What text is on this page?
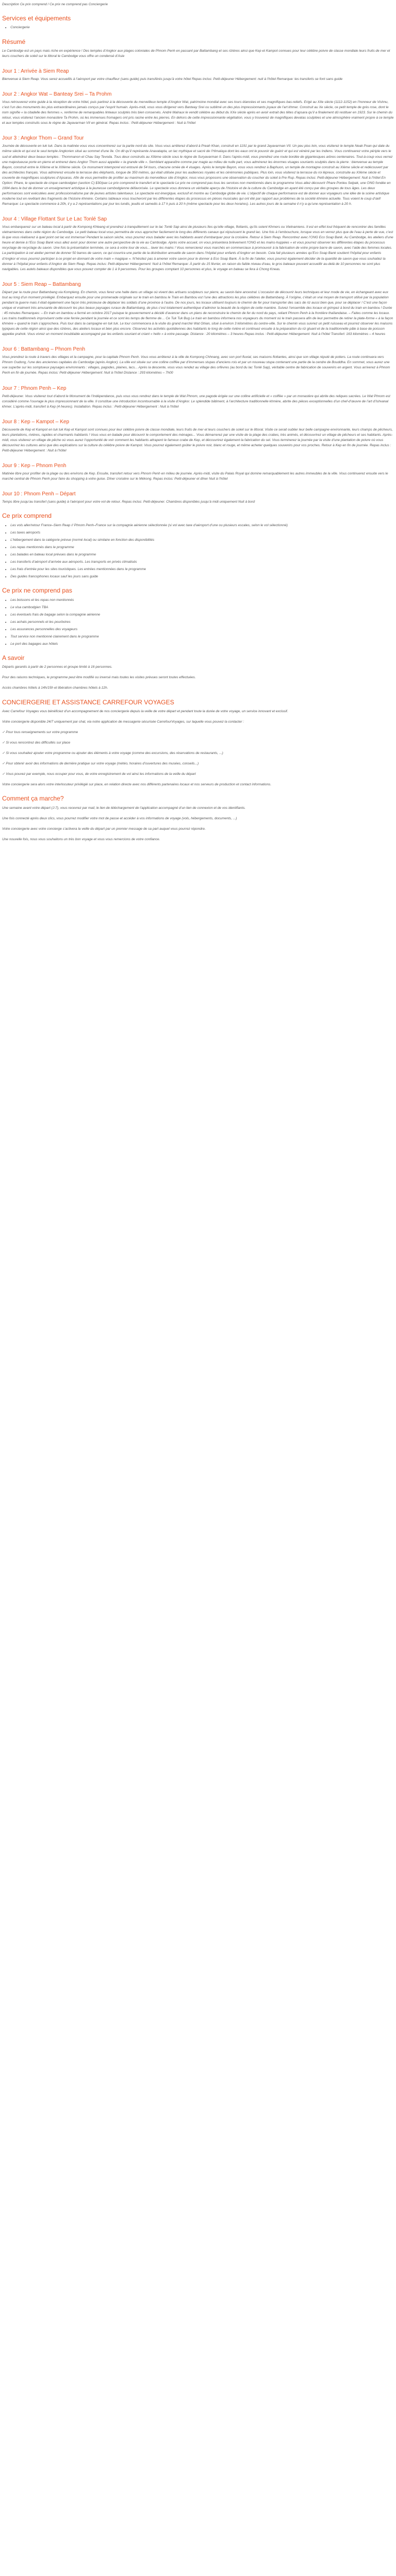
Description Ce prix comprend / Ce prix ne comprend pas Conciergerie

Services et équipements
• Conciergerie
Résumé

Le Cambodge est un pays mais riche en expérience ! Des temples d’Angkor aux plages coloniales de Phnom Penh en passant par Battambang et ses rizières ainsi que Kep et Kampot connues pour leur célèbre poivre de classe mondiale leurs fruits de mer et leurs couchers de soleil sur le littoral le Cambodge vous offre un condensé d’Asie

Jour 1 : Arrivée à Siem Reap

Bienvenue à Siem Reap. Vous serez accueillis à l’aéroport par votre chauffeur (sans guide) puis transférés jusqu’à votre hôtel Repas inclus: Petit-déjeuner Hébergement: nuit à l’hôtel Remarque: les transferts se font sans guide

Jour 2 : Angkor Wat – Banteay Srei – Ta Prohm

Vous retrouverez votre guide à la réception de votre hôtel, puis partirez à la découverte du merveilleux temple d’Angkor Wat, patrimoine mondial avec ses tours élancées et ses magnifiques bas-reliefs. Erigé au XIIe siècle (1112-1152) en l’honneur de Vishnu, c’est l’un des monuments les plus extraordinaires jamais conçus par l’esprit humain. Après-midi, vous vous dirigerez vers Banteay Srei ou sublimé un des plus impressionnants joyaux de l’art khmer. Construit au Xe siècle, ce petit temple de grès rose, dont le nom signifie « la citadelle des femmes », renferme de remarquables linteaux sculptés très bien conservés. André Malraux le vendit célèbre au début du XXe siècle après en avoir extrait des têtes d’apsara qu’il a finalement dû restituer en 1923. Sur le chemin du retour, vous visiterez l’ancien monastère Ta Prohm, où les immenses fromagers ont pris racine entre les pierres. En dehors de cette impressionnante végétation, vous y trouverez de magnifiques devatas sculptées et une atmosphère vraiment propre à ce temple et aux temples construits sous le règne de Jayavarman VII en général. Repas inclus : Petit-déjeuner Hébergement : Nuit à l’hôtel

Jour 3 : Angkor Thom – Grand Tour

Journée de découverte en tuk tuk. Dans la matinée vous vous concentrerez sur la partie nord du site. Vous vous arrêterez d’abord à Preah Khan, construit en 1191 par le grand Jayavarman VII. Un peu plus loin, vous visiterez le temple Neak Poan qui date du même siècle et qui est le seul temple Angkorien situé au sommet d’une île. On dit qu’il représente Anavatapta, un lac mythique et sacré de l’Himalaya dont les eaux ont le pouvoir de guérir et qui est vénéré par les Indiens. Vous continuerez votre périple vers le sud et atteindrez deux beaux temples : Thommanon et Chau Say Tevoda. Tous deux construits au XIIème siècle sous le règne de Suryavarman II. Dans l’après-midi, vous prendrez une route bordée de gigantesques arbres centenaires. Tout-à-coup vous verrez une majestueuse porte en pierre et entrerez dans Angkor Thom aussi appelée « la grande ville ». Semblant apparaître comme par magie au milieu de nulle part, vous admirerez les énormes visages souriants sculptés dans la pierre : bienvenue au temple Bayon, construit entre le XIIème et le XIIIème siècle. Ce monument intemporel est entouré de 54 tours, chacune ornée de 4 visages. Après le temple Bayon, vous vous rendrez à Baphuon, un temple de montagne construit au XIème siècle et redécouvert par des architectes français. Vous admirerez ensuite la terrasse des éléphants, longue de 350 mètres, qui était utilisée pour les audiences royales et les cérémonies publiques. Plus loin, vous visiterez la terrasse du roi lépreux, construite au XIIème siècle et couverte de magnifiques sculptures d’Apsaras. Afin de vous permettre de profiter au maximum du merveilleux site d’Angkor, nous vous proposons une observation du coucher du soleil à Pre Rup. Repas inclus: Petit-déjeuner Hébergement: Nuit à l’hôtel En Option: Phare, le spectacle de cirque cambodgien (section C) $30/pax Le prix comprend le transfert et le spectacle Le prix ne comprend pas tous les services non mentionnés dans le programme Vous allez découvrir Phare Ponleu Selpak, une ONG fondée en 1994 dans le but de donner un enseignement artistique à la jeunesse cambodgienne défavorisée. Le spectacle vous donnera un véritable aperçu de l’histoire et de la culture du Cambodge en ayant été conçu par des groupes de tous âges. Les deux performances sont exécutées avec professionnalisme par de jeunes artistes talentueux. Le spectacle est énergique, exclusif et montre au Cambodge globe de vie. L’objectif de chaque performance est de donner aux voyageurs une idée de la scène artistique moderne tout en revêtant des fragments de l’histoire khmère. Certains tableaux vous toucheront par les différentes étapes du processus en pièces musicales qui ont été par rapport aux problèmes de la société khmère actuelle. Tous voient le coup d’œil! Remarque: Le spectacle commence à 20h, il y a 2 représentations par jour les lundis, jeudis et samedis à 17 h puis à 20 h (même spectacle pour les deux horaires). Les autres jours de la semaine il n’y a qu’une représentation à 20 h.

Jour 4 : Village Flottant Sur Le Lac Tonlé Sap

Vous embarquerez sur un bateau local à partir de Kompong Khleang et prendrez à tranquillement sur le lac Tonlé Sap ainsi de plusieurs îles qu’elle village, flottants, qu’ils soient Khmers ou Vietnamiens. Il est en effet tout fréquent de rencontrer des familles vietnamiennes dans cette région du Cambodge. Le petit bateau local vous permettra de vous approcher facilement le long des différents canaux qui réjouissent le grand lac. Une fois à l’embouchure, lorsque vous en verrez plus que de l’eau à perte de vue, c’est là que vous réaliserez à quel point cet lac est immense! Pendant la saison sèche, vous pourrez vous balader avec les habitants avant d’embarquer pour la croisière. Retour à Siem Reap. Rencontrez avec l’ONG Eco Soap Bank. Au Cambodge, les ateliers d’une heure et demie à l’Eco Soap Bank vous allez avoir pour donner une autre perspective de la vie au Cambodge. Après votre accueil, on vous présentera brièvement l’ONG et les mains-huppées « et vous pourrez observer les différentes étapes du processus recyclage de recyclage du savon. Une fois la présentation terminée, ce sera à votre tour de vous... laver les mains ! Vous remercierez vous marchés en commerciaux à promouvoir à la fabrication de votre propre barre de savon, avec l’aide des femmes locales. La participation à cet atelier permet de donner 50 barres de savon, ce qui couvrira une partie de la distribution annuelle de savon dans l’hôpital pour enfants d’Angkor en besoin. Cela fait plusieurs années qu’Eco Soap Bank soutient l’hôpital pour enfants d’Angkor et vous pourrez participer à ce projet en donnant de votre main « magique ». N’hésitez pas à amener votre savon pour le donner à Eco Soap Bank. À la fin de l’atelier, vous pourrez également décider de la quantité de savon que vous souhaitez la donner à l’hôpital pour enfants d’Angkor de Siem Reap. Repas inclus: Petit-déjeuner Hébergement: Nuit à l’hôtel Remarque: À partir du 15 février, en raison du faible niveau d’eau, le gros bateaux pouvant accueillir au-delà de 10 personnes ne sont plus navigables. Les autels bateaux disponibles que vous pouvez compter de 1 à 9 personnes. Pour les groupes comptant 10 personnes et plus, le voyage en bateau se fera à Chong Kneas.

Jour 5 : Siem Reap – Battambang

Départ par la route pour Battambang via Kompleng. En chemin, vous ferez une halte dans un village où vivent des artisans sculpteurs sur pierre, au savoir-faire ancestral. L’occasion de découvrir leurs techniques et leur mode de vie, en échangeant avec eux tout au long d’un moment privilégié. Embarquez ensuite pour une promenade originale sur le train en bambou le Train en Bambou est l’une des attractions les plus célèbres de Battambang. À l’origine, c’était un vrai moyen de transport utilisé par la population pendant la guerre mais il était également une façon très précieuse de déplacer les soldats d’une province à l’autre. De nos jours, les locaux utilisent toujours le chemin de fer pour transporter des sacs de riz aussi bien que, pour se déplacer ! C’est une façon unique et vraiment très amusante de découvrir les plus beaux paysages ruraux de Battambang, de plus c’est totalement authentique d’admirer la beauté de la région de cette manière. Suivez l’ensemble des locaux et grimpez à bord du train en bambou ! Durée : 45 minutes Remarques: – En train en bambou a fermé en octobre 2017 puisque le gouvernement a décidé d’avancer dans un plans de reconstruire le chemin de fer du nord du pays, reliant Phnom Penh à la frontière thaïlandaise. – Faites comme les locaux. Les trains traditionnels improvisent cette voie ferrée pendant la journée et ce sont les temps de flemme de… Ce Tuk Tuk Bug Le train en bambou informera nos voyageurs du moment où le train passera afin de leur permettre de retirer la plate-forme « à la façon khmère » quand le train s’approchera. Puis tour dans la campagne en tuk tuk. Le tour commencera à la visite du grand marché Wat Ghian, situé à environ 3 kilomètres du centre-ville. Sur le chemin vous suivrez un petit ruisseau et pourrez observer les maisons typiques de cette région ainsi que des rizières, des ateliers locaux et bien plus encore. Observez les activités quotidiennes des habitants le long de cette rivière et continuez ensuite à la préparation du riz gluant et de la traditionnelle pâte à base de poisson appelée prahok. Vous vivrez un moment inoubliable accompagné par les enfants souriant et criant « hello » à votre passage. Distance : 20 kilomètres – 3 heures Repas inclus : Petit-déjeuner Hébergement: Nuit à l’hôtel Transfert: 163 kilomètres – 4 heures

Jour 6 : Battambang – Phnom Penh

Vous prendrez la route à travers des villages et la campagne, pour la capitale Phnom Penh. Vous vous arrêterez à la ville de Kompong Chhnang, avec son port fluvial, ses maisons flottantes, ainsi que son village réputé de potiers. La route continuera vers Phnom Oudong, l’une des anciennes capitales du Cambodge (après Angkor). La ville est située sur une colline coiffée par d’immenses stupas d’anciens rois et par un nouveau stupa contenant une partie de la cendre de Bouddha. En sommet, vous aurez une vue superbe sur les somptueux paysages environnants : villages, pagodes, plaines, lacs... Après la descente, vous vous rendez au village des orfèvres (au bord du lac Tonlé Sap), véritable centre de fabrication de souvenirs en argent. Vous arriverez à Phnom Penh en fin de journée. Repas inclus: Petit-déjeuner Hébergement: Nuit à l’hôtel Distance : 293 kilomètres – 7h00

Jour 7 : Phnom Penh – Kep

Petit-déjeuner. Vous visiterez tout d’abord le Monument de l’Indépendance, puis vous vous rendrez dans le temple de Wat Phnom, une pagode érigée sur une colline artificielle et « coiffée » par un monastère qui abrite des reliques sacrées. Le Wat Phnom est considéré comme l’ouvrage le plus impressionnant de la ville. Il constitue une introduction incontournable à la visite d’Angkor. Le splendide bâtiment, à l’architecture traditionnelle khmère, abrite des pièces exceptionnelles d’un chef-d’œuvre de l’art d’Ishvanal khmer. L’après-midi, transfert à Kep (4 heures). Installation. Repas inclus : Petit-déjeuner Hébergement : Nuit à l’hôtel

Jour 8 : Kep – Kampot – Kep

Découverte de Kep et Kampot en tuk tuk Kep et Kampot sont connues pour leur célèbre poivre de classe mondiale, leurs fruits de mer et leurs couchers de soleil sur le littoral. Visite ce serait oublier leur belle campagne environnante, leurs champs de pêcheurs, leurs plantations, rivières, rapides et charmants habitants ! Vous vous en balade pour découvrir le comportement des ménages... Vous démarrerez par une visite de la plage des crabes, très animés, et découvrirez un village de pêcheurs et ses habitants. Après-midi, vous visiterez un village de pêche où vous aurez l’opportunité de voir comment les habitants attrapent le fameux crabe de Kep, et découvrirez également la fabrication du sel. Vous terminerez la journée par la visite d’une plantation de poivre où vous découvrirez les cultures ainsi que des explications sur la culture du célèbre poivre de Kampot. Vous pourrez également goûter le poivre noir, blanc et rouge, et même acheter quelques souvenirs pour vos proches. Retour à Kep en fin de journée. Repas inclus : Petit-déjeuner Hébergement : Nuit à l’hôtel

Jour 9 : Kep – Phnom Penh

Matinée libre pour profiter de la plage ou des environs de Kep. Ensuite, transfert retour vers Phnom Penh en milieu de journée. Après-midi, visite du Palais Royal qui domine remarquablement les autres immeubles de la ville. Vous continuerez ensuite vers le marché central de Phnom Penh pour faire du shopping à votre guise. Dîner croisière sur le Mékong. Repas inclus: Petit-déjeuner et dîner Nuit à l’hôtel

Jour 10 : Phnom Penh – Départ

Temps libre jusqu’au transfert (sans guide) à l’aéroport pour votre vol de retour. Repas inclus: Petit-déjeuner. Chambres disponibles jusqu’à midi uniquement Nuit à bord

Ce prix comprend
• Les vols aller/retour France–Siem Reap // Phnom Penh–France sur la compagnie aérienne sélectionnée (si vol avec taxe d’aéroport d’une ou plusieurs escales, selon le vol sélectionné)
• Les taxes aéroports
• L’hébergement dans la catégorie prévue (normé local) ou similaire en fonction des disponibilités
• Les repas mentionnés dans le programme
• Les balades en bateau local prévues dans le programme
• Les transferts d’aéroport d’arrivée aux aéroports. Les transports en privés climatisés
• Les frais d’entrée pour les sites touristiques. Les entrées mentionnées dans le programme
• Des guides francophones locaux sauf les jours sans guide
Ce prix ne comprend pas
• Les boissons et les repas non mentionnés
• Le visa cambodgien TBA
• Les éventuels frais de bagage selon la compagnie aérienne
• Les achats personnels et les pourboires
• Les assurances personnelles des voyageurs
• Tout service non mentionné clairement dans le programme
• Le port des bagages aux hôtels
A savoir

Départs garantis à partir de 2 personnes et groupe limité à 16 personnes.

Pour des raisons techniques, le programme peut être modifié ou inversé mais toutes les visites prévues seront toutes effectuées.

Accès chambres hôtels à 14h/15h et libération chambres hôtels à 12h.

CONCIERGERIE ET ASSISTANCE CARREFOUR VOYAGES

Avec Carrefour Voyages vous bénéficiez d’un accompagnement de nos conciergerie depuis la veille de votre départ et pendant toute la durée de votre voyage, un service innovant et exclusif.

Votre conciergerie disponible 24/7 uniquement par chat, via notre application de messagerie sécurisée CarrefourVoyages, sur laquelle vous pouvez la contacter :

✓ Pour tous renseignements sur votre programme

✓ Si vous rencontrez des difficultés sur place

✓ Si vous souhaitez ajouter votre programme ou ajouter des éléments à votre voyage (comme des excursions, des réservations de restaurants, ...)

✓ Pour obtenir avoir des informations de dernière pratique sur votre voyage (météo, horaires d’ouvertures des musées, conseils...)

✓ Vous pouvez par exemple, nous occuper pour vous, de votre enregistrement de vol ainsi les informations de la veille du départ

Votre conciergerie sera alors votre interlocuteur privilégié sur place, en relation directe avec nos différents partenaires locaux et nos serveurs de production et contact informations.

Comment ça marche?

Une semaine avant votre départ (J-7), vous recevrez par mail, le lien de téléchargement de l’application accompagné d’un lien de connexion et de vos identifiants.

Une fois connecté après deux clics, vous pourrez modifier votre mot de passe et accéder à vos informations de voyage (vols, hébergements, documents, ...)

Votre conciergerie avec votre concierge s’activera la veille du départ par un premier message de sa part auquel vous pourrez répondre.

Une nouvelle fois, nous vous souhaitons un très bon voyage et vous vous remercions de votre confiance.
